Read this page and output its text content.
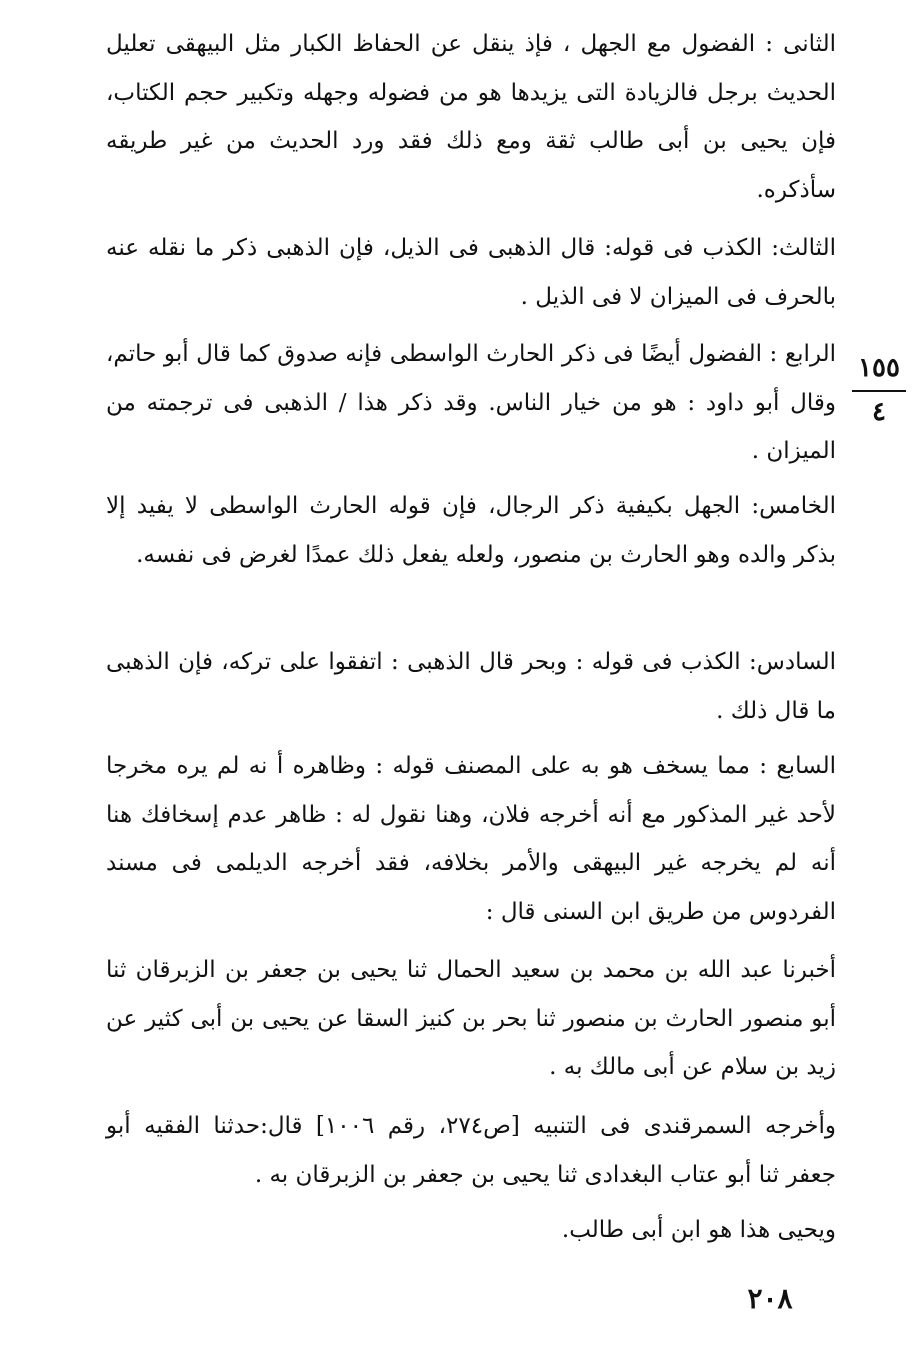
الثانى : الفضول مع الجهل ، فإذ ينقل عن الحفاظ الكبار مثل البيهقى تعليل الحديث برجل فالزيادة التى يزيدها هو من فضوله وجهله وتكبير حجم الكتاب، فإن يحيى بن أبى طالب ثقة ومع ذلك فقد ورد الحديث من غير طريقه سأذكره.

الثالث: الكذب فى قوله: قال الذهبى فى الذيل، فإن الذهبى ذكر ما نقله عنه بالحرف فى الميزان لا فى الذيل .

الرابع : الفضول أيضًا فى ذكر الحارث الواسطى فإنه صدوق كما قال أبو حاتم، وقال أبو داود : هو من خيار الناس. وقد ذكر هذا / الذهبى فى ترجمته من الميزان .

الخامس: الجهل بكيفية ذكر الرجال، فإن قوله الحارث الواسطى لا يفيد إلا بذكر والده وهو الحارث بن منصور، ولعله يفعل ذلك عمدًا لغرض فى نفسه.

السادس: الكذب فى قوله : وبحر قال الذهبى : اتفقوا على تركه، فإن الذهبى ما قال ذلك .

السابع : مما يسخف هو به على المصنف قوله : وظاهره أ نه لم يره مخرجا لأحد غير المذكور مع أنه أخرجه فلان، وهنا نقول له : ظاهر عدم إسخافك هنا أنه لم يخرجه غير البيهقى والأمر بخلافه، فقد أخرجه الديلمى فى مسند الفردوس من طريق ابن السنى قال :

أخبرنا عبد الله بن محمد بن سعيد الحمال ثنا يحيى بن جعفر بن الزبرقان ثنا أبو منصور الحارث بن منصور ثنا بحر بن كنيز السقا عن يحيى بن أبى كثير عن زيد بن سلام عن أبى مالك به .

وأخرجه السمرقندى فى التنبيه [ص٢٧٤، رقم ١٠٠٦] قال:حدثنا الفقيه أبو جعفر ثنا أبو عتاب البغدادى ثنا يحيى بن جعفر بن الزبرقان به .

ويحيى هذا هو ابن أبى طالب.

١٥٥
٤
٢٠٨
